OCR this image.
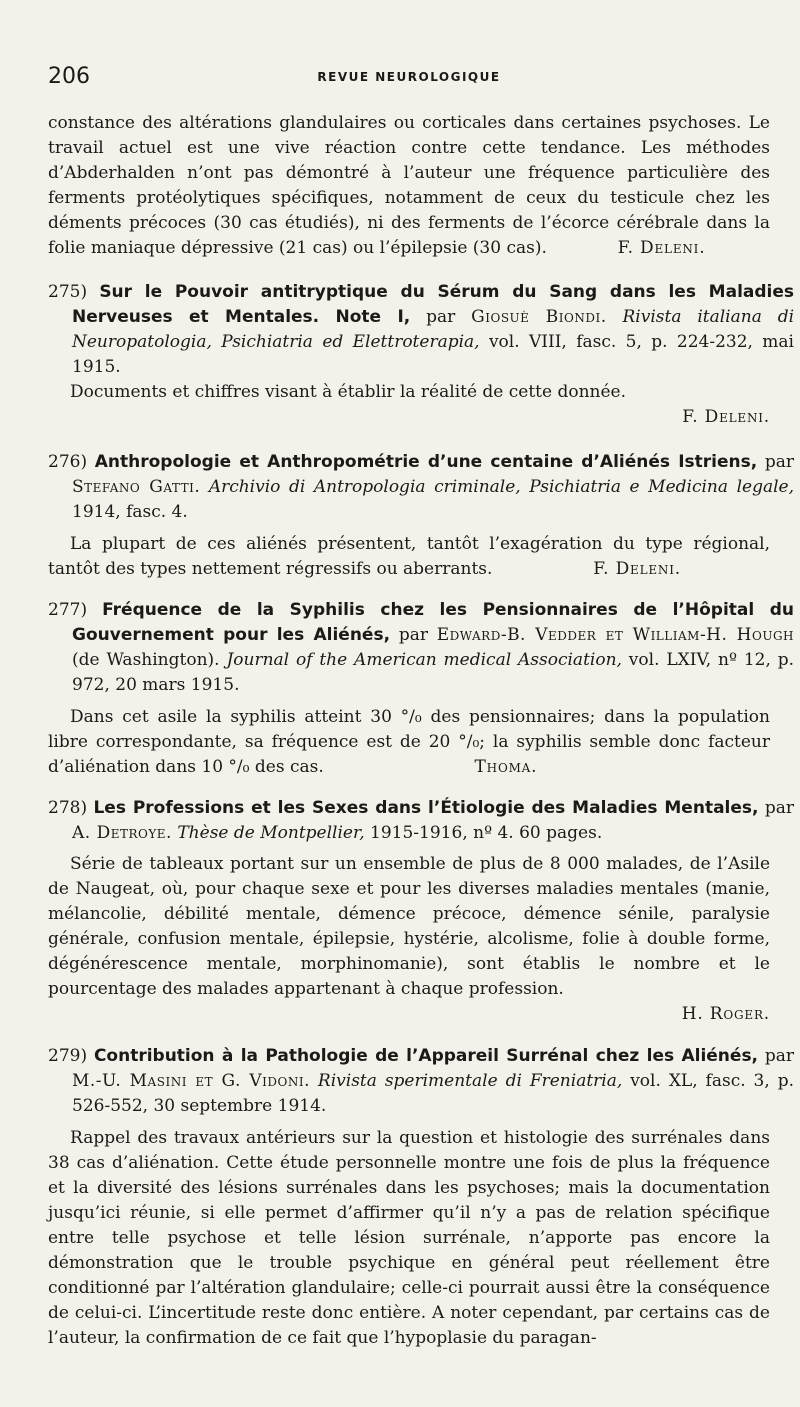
206	REVUE NEUROLOGIQUE
constance des altérations glandulaires ou corticales dans certaines psychoses. Le travail actuel est une vive réaction contre cette tendance. Les méthodes d’Abderhalden n’ont pas démontré à l’auteur une fréquence particulière des ferments protéolytiques spécifiques, notamment de ceux du testicule chez les déments précoces (30 cas étudiés), ni des ferments de l’écorce cérébrale dans la folie maniaque dépressive (21 cas) ou l’épilepsie (30 cas).	F. Deleni.
275) Sur le Pouvoir antitryptique du Sérum du Sang dans les Maladies Nerveuses et Mentales. Note I, par Giosuè Biondi. Rivista italiana di Neuropatologia, Psichiatria ed Elettroterapia, vol. VIII, fasc. 5, p. 224-232, mai 1915.
Documents et chiffres visant à établir la réalité de cette donnée.
F. Deleni.
276) Anthropologie et Anthropométrie d’une centaine d’Aliénés Istriens, par Stefano Gatti. Archivio di Antropologia criminale, Psichiatria e Medicina legale, 1914, fasc. 4.
La plupart de ces aliénés présentent, tantôt l’exagération du type régional, tantôt des types nettement régressifs ou aberrants.	F. Deleni.
277) Fréquence de la Syphilis chez les Pensionnaires de l’Hôpital du Gouvernement pour les Aliénés, par Edward-B. Vedder et William-H. Hough (de Washington). Journal of the American medical Association, vol. LXIV, nº 12, p. 972, 20 mars 1915.
Dans cet asile la syphilis atteint 30 °/₀ des pensionnaires; dans la population libre correspondante, sa fréquence est de 20 °/₀; la syphilis semble donc facteur d’aliénation dans 10 °/₀ des cas.	Thoma.
278) Les Professions et les Sexes dans l’Étiologie des Maladies Mentales, par A. Detroye. Thèse de Montpellier, 1915-1916, nº 4. 60 pages.
Série de tableaux portant sur un ensemble de plus de 8 000 malades, de l’Asile de Naugeat, où, pour chaque sexe et pour les diverses maladies mentales (manie, mélancolie, débilité mentale, démence précoce, démence sénile, paralysie générale, confusion mentale, épilepsie, hystérie, alcolisme, folie à double forme, dégénérescence mentale, morphinomanie), sont établis le nombre et le pourcentage des malades appartenant à chaque profession.
H. Roger.
279) Contribution à la Pathologie de l’Appareil Surrénal chez les Aliénés, par M.-U. Masini et G. Vidoni. Rivista sperimentale di Freniatria, vol. XL, fasc. 3, p. 526-552, 30 septembre 1914.
Rappel des travaux antérieurs sur la question et histologie des surrénales dans 38 cas d’aliénation. Cette étude personnelle montre une fois de plus la fréquence et la diversité des lésions surrénales dans les psychoses; mais la documentation jusqu’ici réunie, si elle permet d’affirmer qu’il n’y a pas de relation spécifique entre telle psychose et telle lésion surrénale, n’apporte pas encore la démonstration que le trouble psychique en général peut réellement être conditionné par l’altération glandulaire; celle-ci pourrait aussi être la conséquence de celui-ci. L’incertitude reste donc entière. A noter cependant, par certains cas de l’auteur, la confirmation de ce fait que l’hypoplasie du paragan-
